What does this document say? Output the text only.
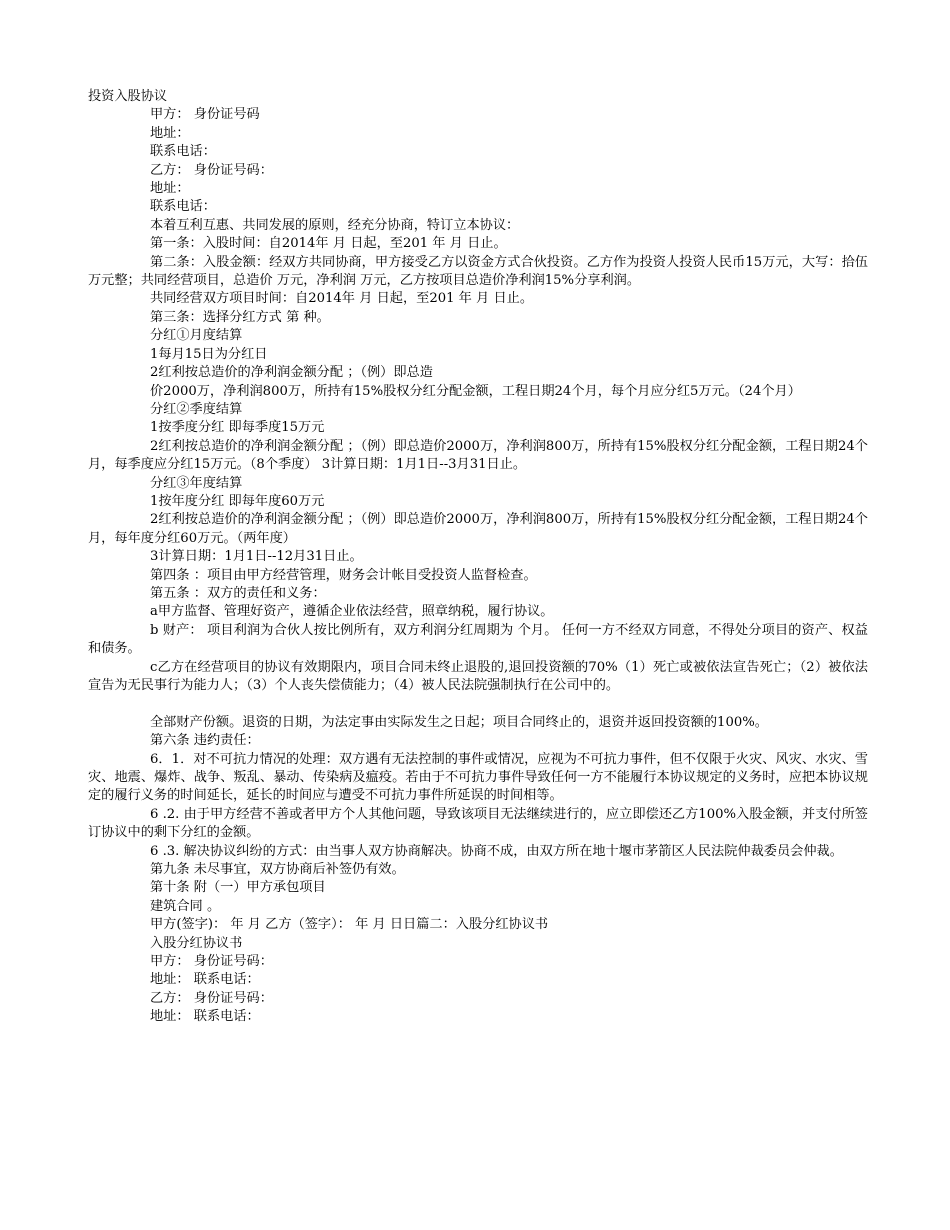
投资入股协议
甲方： 身份证号码
地址：
联系电话：
乙方： 身份证号码：
地址：
联系电话：
本着互利互惠、共同发展的原则，经充分协商，特订立本协议：
第一条：入股时间：自2014年 月 日起，至201 年 月 日止。
第二条：入股金额：经双方共同协商，甲方接受乙方以资金方式合伙投资。乙方作为投资人投资人民币15万元，大写：拾伍万元整；共同经营项目，总造价 万元，净利润 万元，乙方按项目总造价净利润15%分享利润。
共同经营双方项目时间：自2014年 月 日起，至201 年 月 日止。
第三条：选择分红方式 第 种。
分红①月度结算
1每月15日为分红日
2红利按总造价的净利润金额分配 ；（例）即总造
价2000万，净利润800万，所持有15%股权分红分配金额，工程日期24个月，每个月应分红5万元。（24个月）
分红②季度结算
1按季度分红 即每季度15万元
2红利按总造价的净利润金额分配 ；（例）即总造价2000万，净利润800万，所持有15%股权分红分配金额，工程日期24个月，每季度应分红15万元。（8个季度） 3计算日期：1月1日--3月31日止。
分红③年度结算
1按年度分红 即每年度60万元
2红利按总造价的净利润金额分配 ；（例）即总造价2000万，净利润800万，所持有15%股权分红分配金额，工程日期24个月，每年度分红60万元。（两年度）
3计算日期：1月1日--12月31日止。
第四条 ：项目由甲方经营管理，财务会计帐目受投资人监督检查。
第五条 ：双方的责任和义务：
a甲方监督、管理好资产，遵循企业依法经营，照章纳税，履行协议。
b 财产： 项目利润为合伙人按比例所有，双方利润分红周期为 个月。 任何一方不经双方同意，不得处分项目的资产、权益和债务。
c乙方在经营项目的协议有效期限内，项目合同未终止退股的,退回投资额的70%（1）死亡或被依法宣告死亡；（2）被依法宣告为无民事行为能力人；（3）个人丧失偿债能力；（4）被人民法院强制执行在公司中的。
全部财产份额。退资的日期，为法定事由实际发生之日起；项目合同终止的，退资并返回投资额的100%。
第六条 违约责任：
6．1．对不可抗力情况的处理：双方遇有无法控制的事件或情况，应视为不可抗力事件，但不仅限于火灾、风灾、水灾、雪灾、地震、爆炸、战争、叛乱、暴动、传染病及瘟疫。若由于不可抗力事件导致任何一方不能履行本协议规定的义务时，应把本协议规定的履行义务的时间延长，延长的时间应与遭受不可抗力事件所延误的时间相等。
6 .2. 由于甲方经营不善或者甲方个人其他问题，导致该项目无法继续进行的，应立即偿还乙方100%入股金额，并支付所签订协议中的剩下分红的金额。
6 .3. 解决协议纠纷的方式：由当事人双方协商解决。协商不成，由双方所在地十堰市茅箭区人民法院仲裁委员会仲裁。
第九条 未尽事宜，双方协商后补签仍有效。
第十条 附（一）甲方承包项目
建筑合同 。
甲方(签字)： 年 月 乙方（签字）： 年 月 日日篇二：入股分红协议书
入股分红协议书
甲方： 身份证号码：
地址： 联系电话：
乙方： 身份证号码：
地址： 联系电话：
